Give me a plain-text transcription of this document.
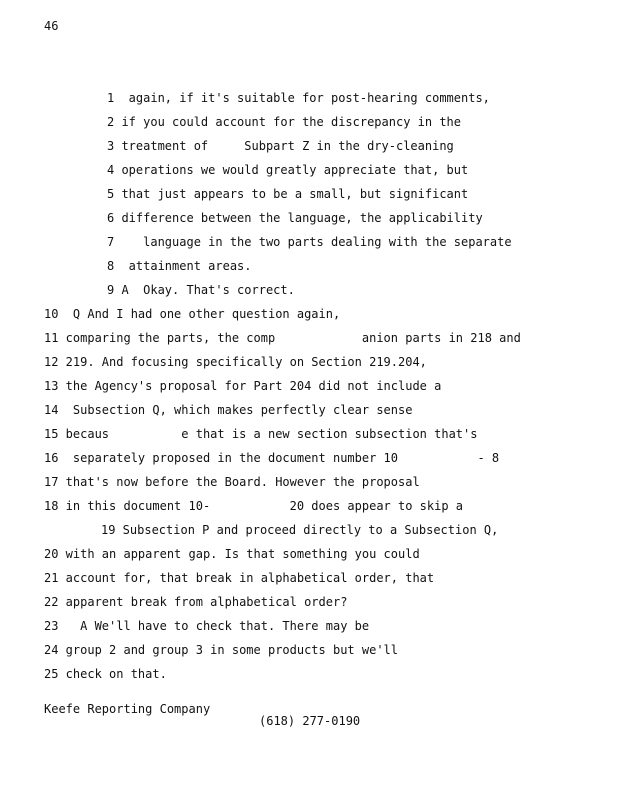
46
1  again, if it's suitable for post-hearing comments,
2 if you could account for the discrepancy in the
3 treatment of     Subpart Z in the dry-cleaning
4 operations we would greatly appreciate that, but
5 that just appears to be a small, but significant
6 difference between the language, the applicability
7    language in the two parts dealing with the separate
8  attainment areas.
9 A  Okay. That's correct.
10  Q And I had one other question again,
11 comparing the parts, the comp            anion parts in 218 and
12 219. And focusing specifically on Section 219.204,
13 the Agency's proposal for Part 204 did not include a
14  Subsection Q, which makes perfectly clear sense
15 becaus          e that is a new section subsection that's
16  separately proposed in the document number 10           - 8
17 that's now before the Board. However the proposal
18 in this document 10-           20 does appear to skip a
19 Subsection P and proceed directly to a Subsection Q,
20 with an apparent gap. Is that something you could
21 account for, that break in alphabetical order, that
22 apparent break from alphabetical order?
23   A We'll have to check that. There may be
24 group 2 and group 3 in some products but we'll
25 check on that.
Keefe Reporting Company
(618) 277-0190
